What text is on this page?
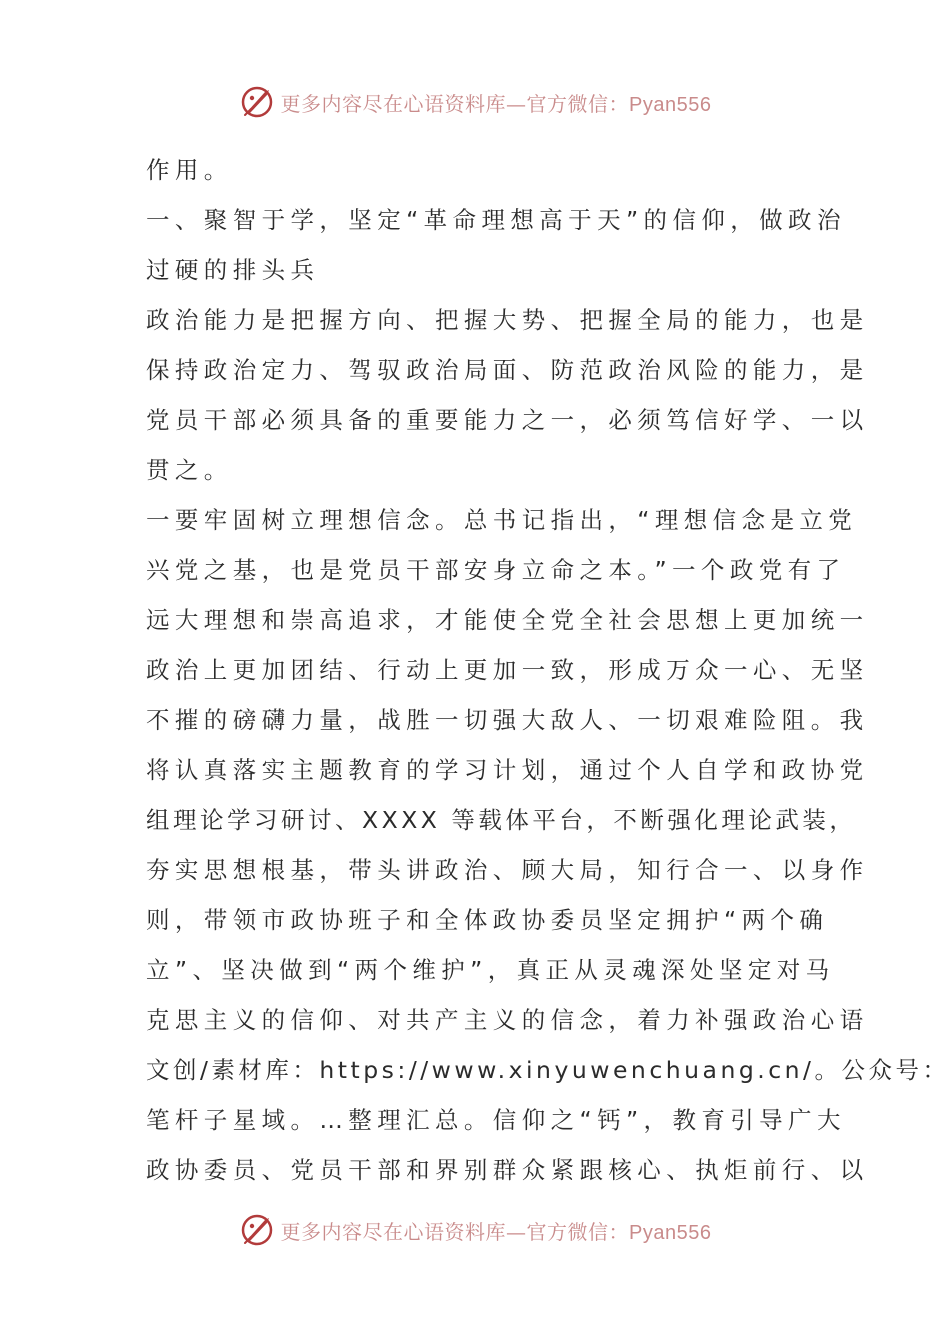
更多内容尽在心语资料库—官方微信：Pyan556
作用。
一、聚智于学，坚定“革命理想高于天”的信仰，做政治
过硬的排头兵
政治能力是把握方向、把握大势、把握全局的能力，也是
保持政治定力、驾驭政治局面、防范政治风险的能力，是
党员干部必须具备的重要能力之一，必须笃信好学、一以
贯之。
一要牢固树立理想信念。总书记指出，“理想信念是立党
兴党之基，也是党员干部安身立命之本。”一个政党有了
远大理想和崇高追求，才能使全党全社会思想上更加统一
政治上更加团结、行动上更加一致，形成万众一心、无坚
不摧的磅礴力量，战胜一切强大敌人、一切艰难险阻。我
将认真落实主题教育的学习计划，通过个人自学和政协党
组理论学习研讨、XXXX 等载体平台，不断强化理论武装，
夯实思想根基，带头讲政治、顾大局，知行合一、以身作
则，带领市政协班子和全体政协委员坚定拥护“两个确
立”、坚决做到“两个维护”，真正从灵魂深处坚定对马
克思主义的信仰、对共产主义的信念，着力补强政治心语
文创/素材库：https://www.xinyuwenchuang.cn/。公众号：
笔杆子星域。…整理汇总。信仰之“钙”，教育引导广大
政协委员、党员干部和界别群众紧跟核心、执炬前行、以
更多内容尽在心语资料库—官方微信：Pyan556
